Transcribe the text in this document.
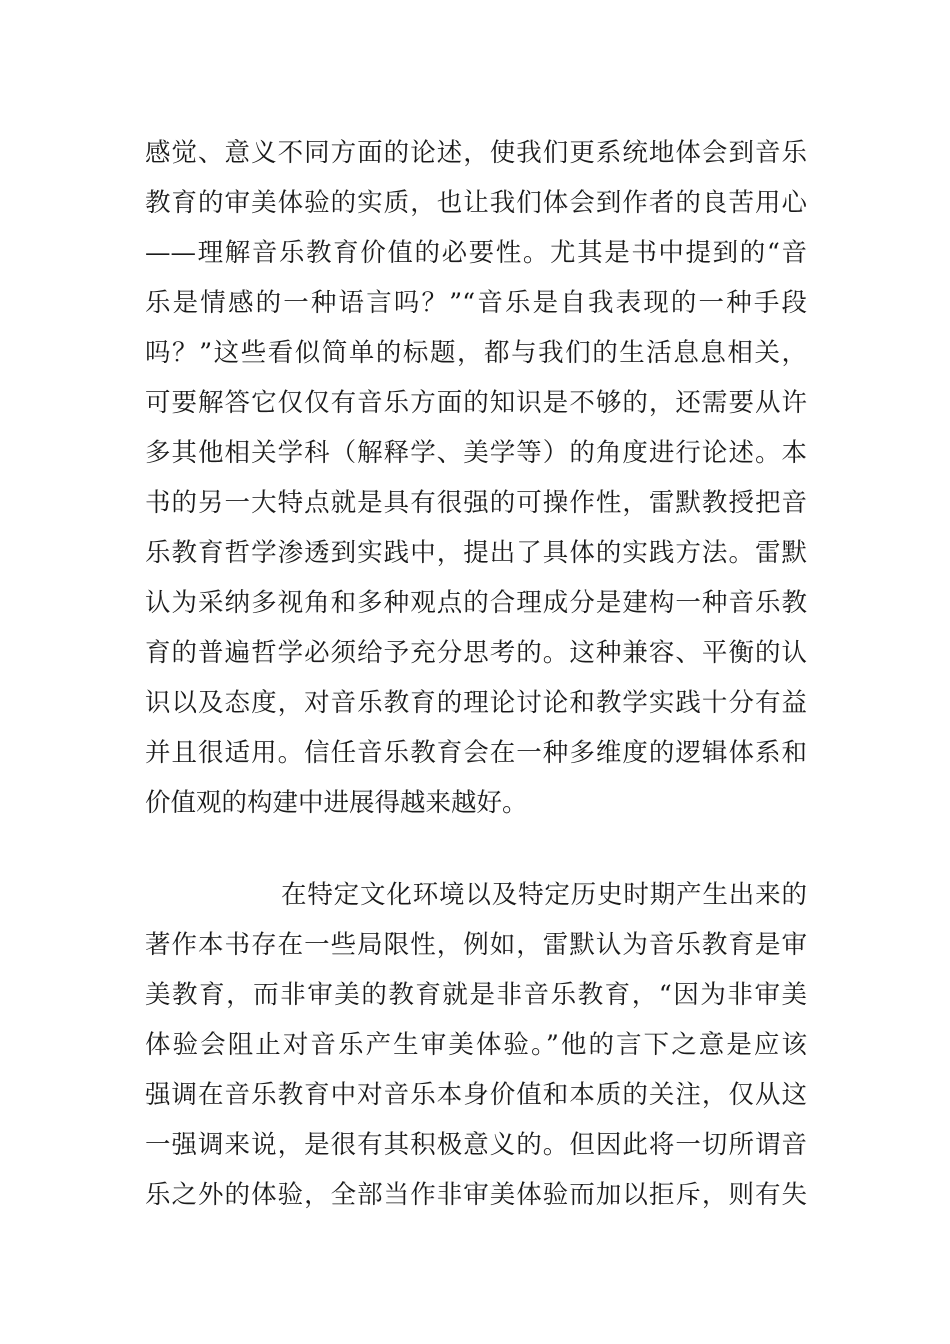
感觉、意义不同方面的论述，使我们更系统地体会到音乐
教育的审美体验的实质，也让我们体会到作者的良苦用心
——理解音乐教育价值的必要性。尤其是书中提到的“音
乐是情感的一种语言吗？”“音乐是自我表现的一种手段
吗？”这些看似简单的标题，都与我们的生活息息相关，
可要解答它仅仅有音乐方面的知识是不够的，还需要从许
多其他相关学科（解释学、美学等）的角度进行论述。本
书的另一大特点就是具有很强的可操作性，雷默教授把音
乐教育哲学渗透到实践中，提出了具体的实践方法。雷默
认为采纳多视角和多种观点的合理成分是建构一种音乐教
育的普遍哲学必须给予充分思考的。这种兼容、平衡的认
识以及态度，对音乐教育的理论讨论和教学实践十分有益
并且很适用。信任音乐教育会在一种多维度的逻辑体系和
价值观的构建中进展得越来越好。
在特定文化环境以及特定历史时期产生出来的
著作本书存在一些局限性，例如，雷默认为音乐教育是审
美教育，而非审美的教育就是非音乐教育，“因为非审美
体验会阻止对音乐产生审美体验。”他的言下之意是应该
强调在音乐教育中对音乐本身价值和本质的关注，仅从这
一强调来说，是很有其积极意义的。但因此将一切所谓音
乐之外的体验，全部当作非审美体验而加以拒斥，则有失
